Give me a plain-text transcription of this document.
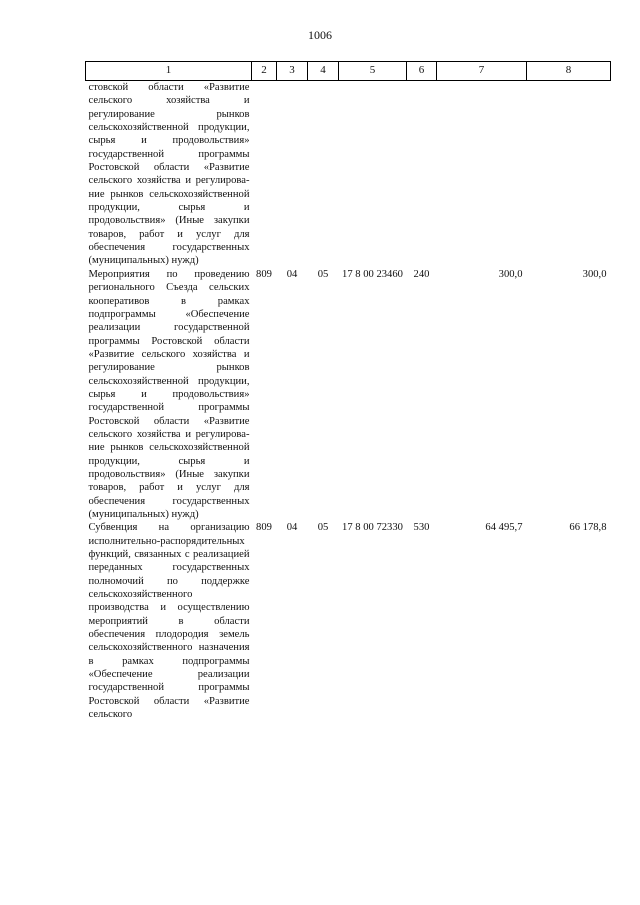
1006
1	2	3	4	5	6	7	8
стовской области «Развитие сельского хозяйства и регулирование рынков сельскохозяйственной продукции, сырья и продовольствия» государственной программы Ростовской области «Развитие сельского хозяйства и регулирование рынков сельскохозяйственной продукции, сырья и продовольствия» (Иные закупки товаров, работ и услуг для обеспечения государственных (муниципальных) нужд)							
Мероприятия по проведению регионального Съезда сельских кооперативов в рамках подпрограммы «Обеспечение реализации государственной программы Ростовской области «Развитие сельского хозяйства и регулирование рынков сельскохозяйственной продукции, сырья и продовольствия» государственной программы Ростовской области «Развитие сельского хозяйства и регулирование рынков сельскохозяйственной продукции, сырья и продовольствия» (Иные закупки товаров, работ и услуг для обеспечения государственных (муниципальных) нужд)	809	04	05	17 8 00 23460	240	300,0	300,0
Субвенция на организацию исполнительно-распорядительных функций, связанных с реализацией переданных государственных полномочий по поддержке сельскохозяйственного производства и осуществлению мероприятий в области обеспечения плодородия земель сельскохозяйственного назначения в рамках подпрограммы «Обеспечение реализации государственной программы Ростовской области «Развитие сельского	809	04	05	17 8 00 72330	530	64 495,7	66 178,8
